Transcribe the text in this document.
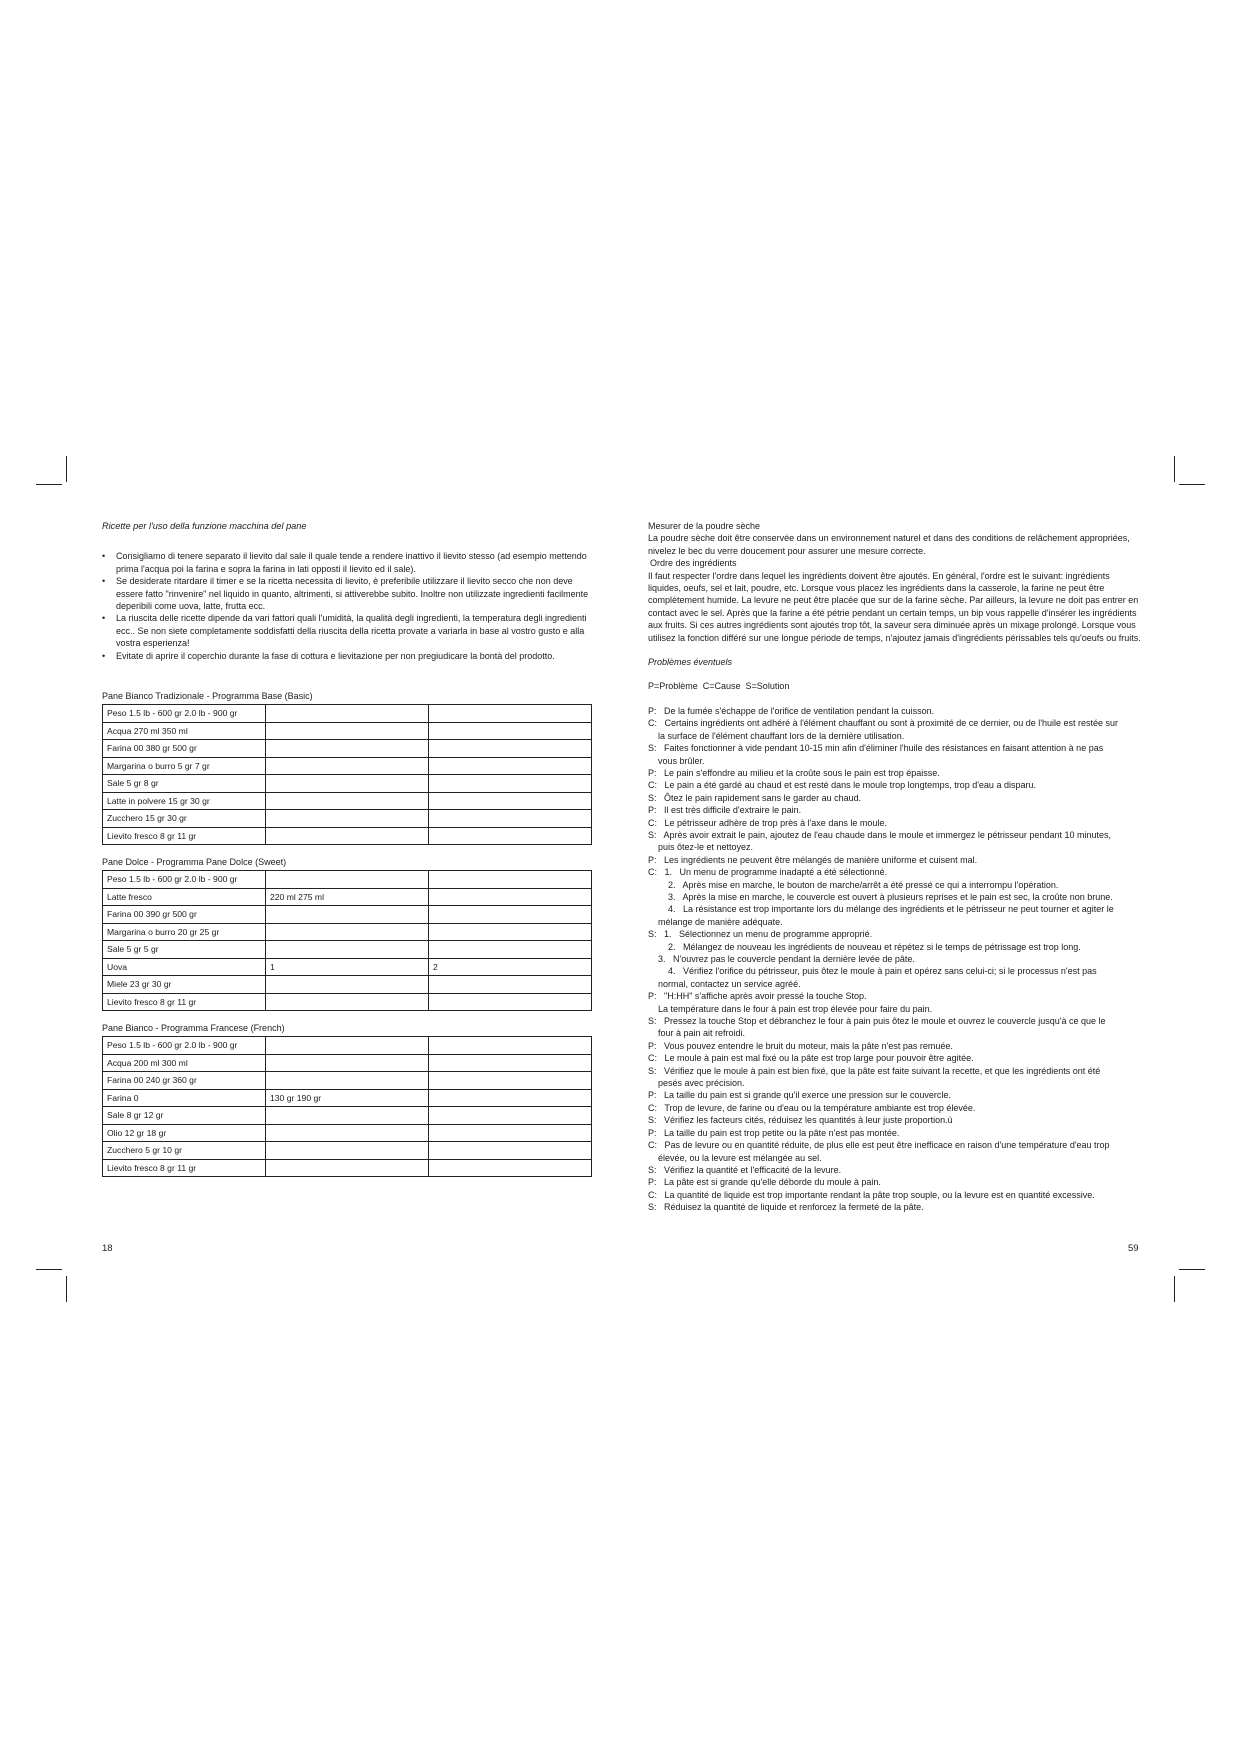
Ricette per l'uso della funzione macchina del pane

• Consigliamo di tenere separato il lievito dal sale il quale tende a rendere inattivo il lievito stesso (ad esempio mettendo prima l'acqua poi la farina e sopra la farina in lati opposti il lievito ed il sale).
• Se desiderate ritardare il timer e se la ricetta necessita di lievito, è preferibile utilizzare il lievito secco che non deve essere fatto "rinvenire" nel liquido in quanto, altrimenti, si attiverebbe subito. Inoltre non utilizzate ingredienti facilmente deperibili come uova, latte, frutta ecc.
• La riuscita delle ricette dipende da vari fattori quali l'umidità, la qualità degli ingredienti, la temperatura degli ingredienti ecc.. Se non siete completamente soddisfatti della riuscita della ricetta provate a variarla in base al vostro gusto e alla vostra esperienza!
• Evitate di aprire il coperchio durante la fase di cottura e lievitazione per non pregiudicare la bontà del prodotto.

Pane Bianco Tradizionale - Programma Base (Basic)

Peso 1.5 lb - 600 gr 2.0 lb - 900 gr		
Acqua 270 ml 350 ml		
Farina 00 380 gr 500 gr		
Margarina o burro 5 gr 7 gr		
Sale 5 gr 8 gr		
Latte in polvere 15 gr 30 gr		
Zucchero 15 gr 30 gr		
Lievito fresco 8 gr 11 gr		

Pane Dolce - Programma Pane Dolce (Sweet)

Peso 1.5 lb - 600 gr 2.0 lb - 900 gr		
Latte fresco	220 ml 275 ml	
Farina 00 390 gr 500 gr		
Margarina o burro 20 gr 25 gr		
Sale 5 gr 5 gr		
Uova	1	2
Miele 23 gr 30 gr		
Lievito fresco 8 gr 11 gr		

Pane Bianco - Programma Francese (French)

Peso 1.5 lb - 600 gr 2.0 lb - 900 gr		
Acqua 200 ml 300 ml		
Farina 00 240 gr 360 gr		
Farina 0	130 gr 190 gr	
Sale 8 gr 12 gr		
Olio 12 gr 18 gr		
Zucchero 5 gr 10 gr		
Lievito fresco 8 gr 11 gr		

Mesurer de la poudre sèche

La poudre sèche doit être conservée dans un environnement naturel et dans des conditions de relâchement appropriées, nivelez le bec du verre doucement pour assurer une mesure correcte.

Ordre des ingrédients

Il faut respecter l'ordre dans lequel les ingrédients doivent être ajoutés. En général, l'ordre est le suivant: ingrédients liquides, oeufs, sel et lait, poudre, etc. Lorsque vous placez les ingrédients dans la casserole, la farine ne peut être complètement humide. La levure ne peut être placée que sur de la farine sèche. Par ailleurs, la levure ne doit pas entrer en contact avec le sel. Après que la farine a été pétrie pendant un certain temps, un bip vous rappelle d'insérer les ingrédients aux fruits. Si ces autres ingrédients sont ajoutés trop tôt, la saveur sera diminuée après un mixage prolongé. Lorsque vous utilisez la fonction différé sur une longue période de temps, n'ajoutez jamais d'ingrédients périssables tels qu'oeufs ou fruits.

Problèmes éventuels

P=Problème  C=Cause  S=Solution

P:   De la fumée s'échappe de l'orifice de ventilation pendant la cuisson.

C:   Certains ingrédients ont adhéré à l'élément chauffant ou sont à proximité de ce dernier, ou de l'huile est restée sur

la surface de l'élément chauffant lors de la dernière utilisation.

S:   Faites fonctionner à vide pendant 10-15 min afin d'éliminer l'huile des résistances en faisant attention à ne pas

vous brûler.

P:   Le pain s'effondre au milieu et la croûte sous le pain est trop épaisse.

C:   Le pain a été gardé au chaud et est resté dans le moule trop longtemps, trop d'eau a disparu.

S:   Ôtez le pain rapidement sans le garder au chaud.

P:   Il est très difficile d'extraire le pain.

C:   Le pétrisseur adhère de trop près à l'axe dans le moule.

S:   Après avoir extrait le pain, ajoutez de l'eau chaude dans le moule et immergez le pétrisseur pendant 10 minutes,

puis ôtez-le et nettoyez.

P:   Les ingrédients ne peuvent être mélangés de manière uniforme et cuisent mal.

C:   1.   Un menu de programme inadapté a été sélectionné.

2.   Après mise en marche, le bouton de marche/arrêt a été pressé ce qui a interrompu l'opération.

3.   Après la mise en marche, le couvercle est ouvert à plusieurs reprises et le pain est sec, la croûte non brune.

4.   La résistance est trop importante lors du mélange des ingrédients et le pétrisseur ne peut tourner et agiter le

mélange de manière adéquate.

S:   1.   Sélectionnez un menu de programme approprié.

2.   Mélangez de nouveau les ingrédients de nouveau et répétez si le temps de pétrissage est trop long.

3.   N'ouvrez pas le couvercle pendant la dernière levée de pâte.

4.   Vérifiez l'orifice du pétrisseur, puis ôtez le moule à pain et opérez sans celui-ci; si le processus n'est pas

normal, contactez un service agréé.

P:   "H:HH" s'affiche après avoir pressé la touche Stop.

La température dans le four à pain est trop élevée pour faire du pain.

S:   Pressez la touche Stop et débranchez le four à pain puis ôtez le moule et ouvrez le couvercle jusqu'à ce que le

four à pain ait refroidi.

P:   Vous pouvez entendre le bruit du moteur, mais la pâte n'est pas remuée.

C:   Le moule à pain est mal fixé ou la pâte est trop large pour pouvoir être agitée.

S:   Vérifiez que le moule à pain est bien fixé, que la pâte est faite suivant la recette, et que les ingrédients ont été

pesés avec précision.

P:   La taille du pain est si grande qu'il exerce une pression sur le couvercle.

C:   Trop de levure, de farine ou d'eau ou la température ambiante est trop élevée.

S:   Vérifiez les facteurs cités, réduisez les quantités à leur juste proportion.ù

P:   La taille du pain est trop petite ou la pâte n'est pas montée.

C:   Pas de levure ou en quantité réduite, de plus elle est peut être inefficace en raison d'une température d'eau trop

élevée, ou la levure est mélangée au sel.

S:   Vérifiez la quantité et l'efficacité de la levure.

P:   La pâte est si grande qu'elle déborde du moule à pain.

C:   La quantité de liquide est trop importante rendant la pâte trop souple, ou la levure est en quantité excessive.

S:   Réduisez la quantité de liquide et renforcez la fermeté de la pâte.

18	59
